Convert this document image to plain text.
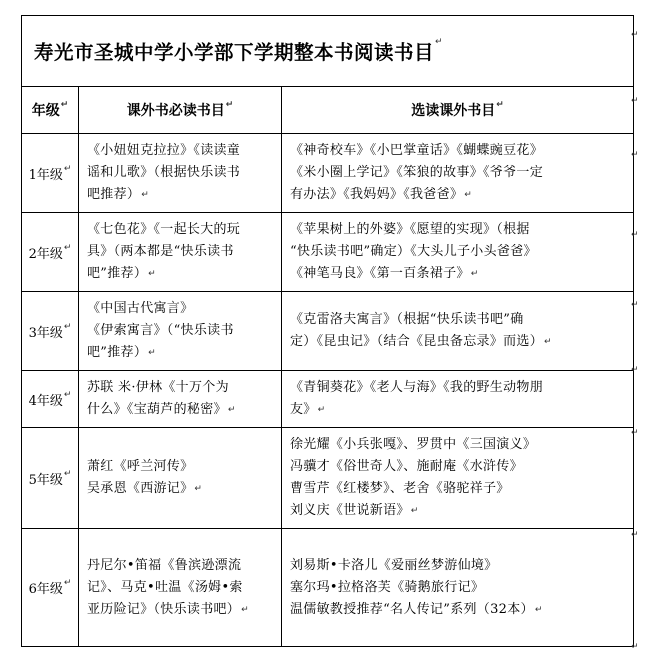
寿光市圣城中学小学部下学期整本书阅读书目↵
年级↵	课外书必读书目↵	选读课外书目↵
1年级↵	《小妞妞克拉拉》《读读童
谣和儿歌》（根据快乐读书
吧推荐）↵	《神奇校车》《小巴掌童话》《蝴蝶豌豆花》
《米小圈上学记》《笨狼的故事》《爷爷一定
有办法》《我妈妈》《我爸爸》↵

2年级↵	《七色花》《一起长大的玩
具》（两本都是“快乐读书
吧”推荐）↵	《苹果树上的外婆》《愿望的实现》（根据
“快乐读书吧”确定）《大头儿子小头爸爸》
《神笔马良》《第一百条裙子》↵

3年级↵	《中国古代寓言》
《伊索寓言》（“快乐读书
吧”推荐）↵	《克雷洛夫寓言》（根据“快乐读书吧”确
定）《昆虫记》（结合《昆虫备忘录》而选）↵

4年级↵	苏联 米·伊林《十万个为
什么》《宝葫芦的秘密》↵	《青铜葵花》《老人与海》《我的野生动物朋
友》↵

5年级↵	萧红《呼兰河传》
吴承恩《西游记》↵	徐光耀《小兵张嘎》、罗贯中《三国演义》
冯骥才《俗世奇人》、施耐庵《水浒传》
曹雪芹《红楼梦》、老舍《骆驼祥子》
刘义庆《世说新语》↵

6年级↵	丹尼尔•笛福《鲁滨逊漂流
记》、马克•吐温《汤姆•索
亚历险记》（快乐读书吧）↵	刘易斯•卡洛儿《爱丽丝梦游仙境》
塞尔玛•拉格洛芙《骑鹅旅行记》
温儒敏教授推荐“名人传记”系列（32本）↵
↵
↵
↵
↵
↵
↵
↵
↵
↵
